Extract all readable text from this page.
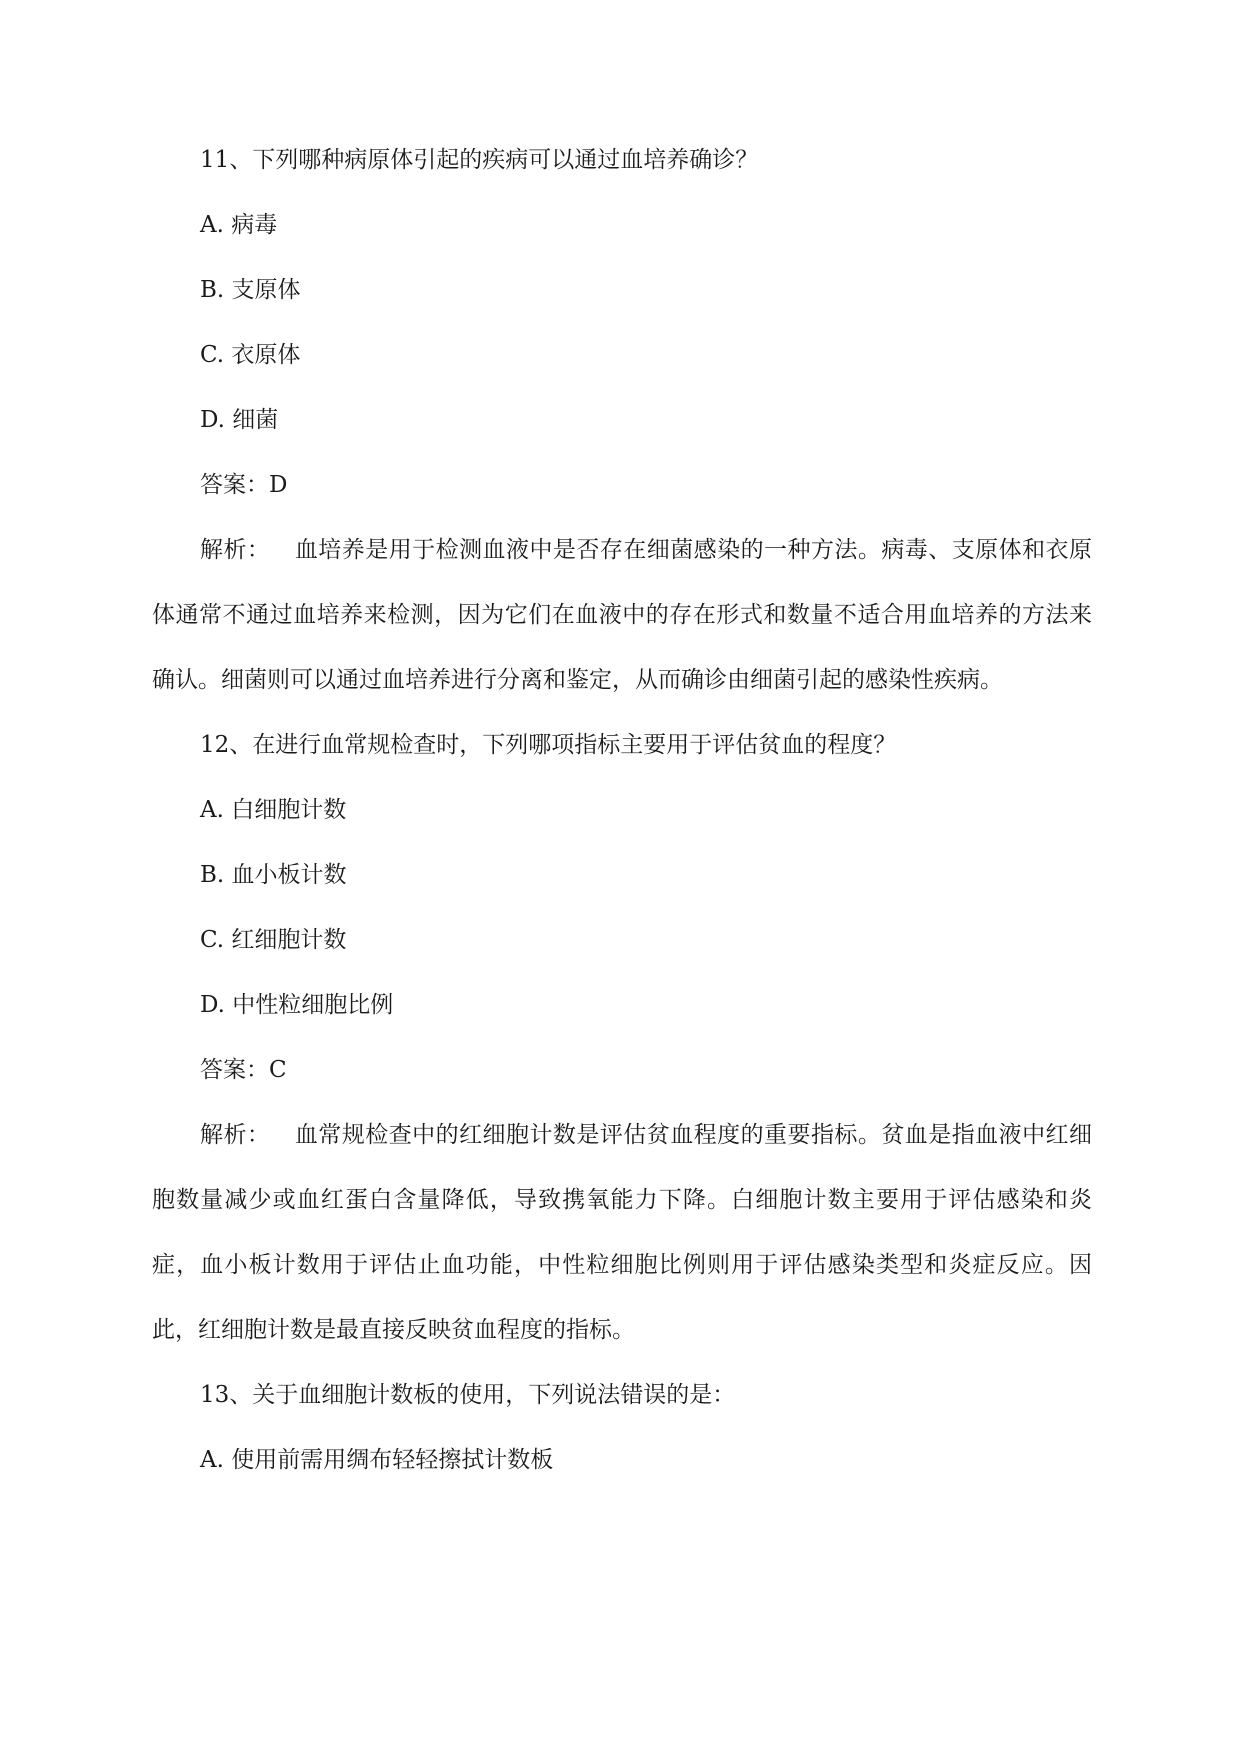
11、下列哪种病原体引起的疾病可以通过血培养确诊？
A. 病毒
B. 支原体
C. 衣原体
D. 细菌
答案：D
解析： 血培养是用于检测血液中是否存在细菌感染的一种方法。病毒、支原体和衣原体通常不通过血培养来检测，因为它们在血液中的存在形式和数量不适合用血培养的方法来确认。细菌则可以通过血培养进行分离和鉴定，从而确诊由细菌引起的感染性疾病。
12、在进行血常规检查时，下列哪项指标主要用于评估贫血的程度？
A. 白细胞计数
B. 血小板计数
C. 红细胞计数
D. 中性粒细胞比例
答案：C
解析： 血常规检查中的红细胞计数是评估贫血程度的重要指标。贫血是指血液中红细胞数量减少或血红蛋白含量降低，导致携氧能力下降。白细胞计数主要用于评估感染和炎症，血小板计数用于评估止血功能，中性粒细胞比例则用于评估感染类型和炎症反应。因此，红细胞计数是最直接反映贫血程度的指标。
13、关于血细胞计数板的使用，下列说法错误的是：
A. 使用前需用绸布轻轻擦拭计数板
